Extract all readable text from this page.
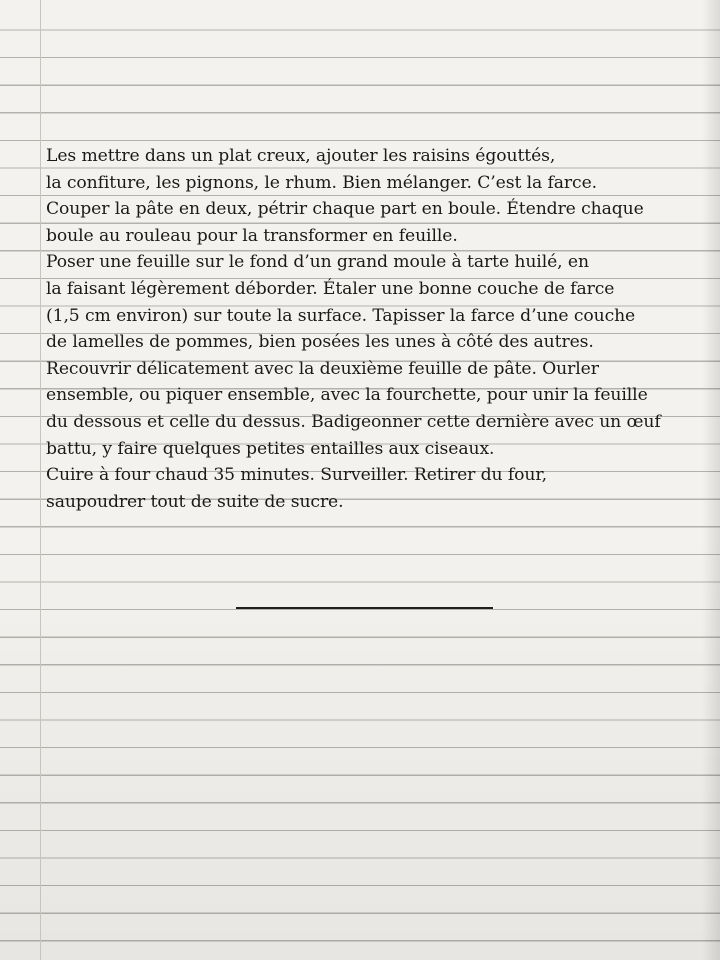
Les mettre dans un plat creux, ajouter les raisins égouttés,
la confiture, les pignons, le rhum. Bien mélanger. C’est la farce.
Couper la pâte en deux, pétrir chaque part en boule. Étendre chaque
boule au rouleau pour la transformer en feuille.
Poser une feuille sur le fond d’un grand moule à tarte huilé, en
la faisant légèrement déborder. Étaler une bonne couche de farce
(1,5 cm environ) sur toute la surface. Tapisser la farce d’une couche
de lamelles de pommes, bien posées les unes à côté des autres.
Recouvrir délicatement avec la deuxième feuille de pâte. Ourler
ensemble, ou piquer ensemble, avec la fourchette, pour unir la feuille
du dessous et celle du dessus. Badigeonner cette dernière avec un œuf
battu, y faire quelques petites entailles aux ciseaux.
Cuire à four chaud 35 minutes. Surveiller. Retirer du four,
saupoudrer tout de suite de sucre.
